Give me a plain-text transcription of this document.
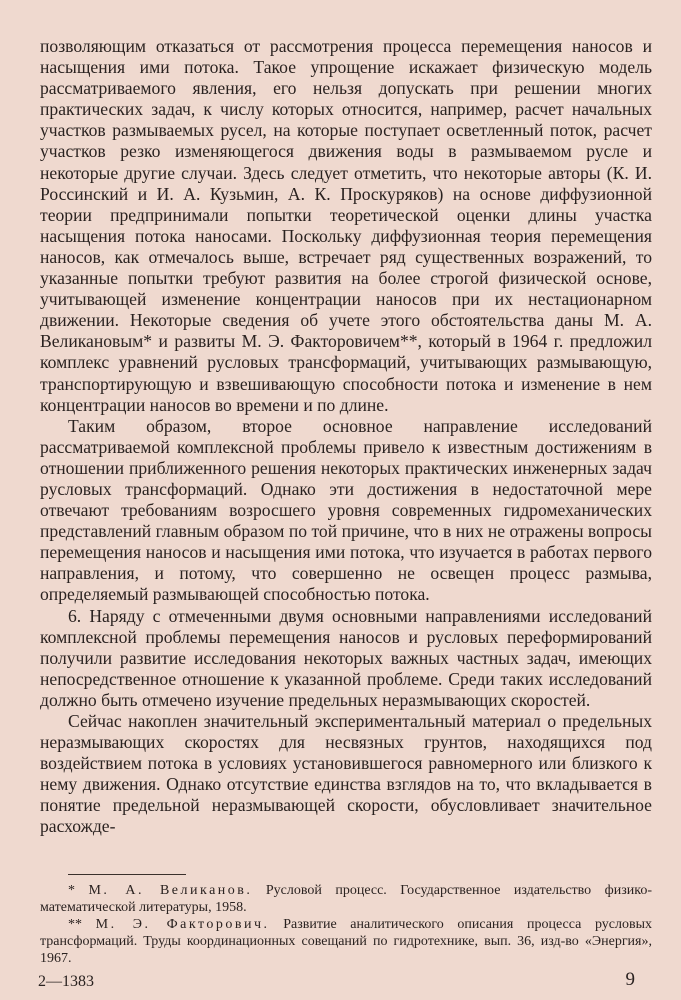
позволяющим отказаться от рассмотрения процесса перемещения наносов и насыщения ими потока. Такое упрощение искажает физическую модель рассматриваемого явления, его нельзя допускать при решении многих практических задач, к числу которых относится, например, расчет начальных участков размываемых русел, на которые поступает осветленный поток, расчет участков резко изменяющегося движения воды в размываемом русле и некоторые другие случаи. Здесь следует отметить, что некоторые авторы (К. И. Россинский и И. А. Кузьмин, А. К. Проскуряков) на основе диффузионной теории предпринимали попытки теоретической оценки длины участка насыщения потока наносами. Поскольку диффузионная теория перемещения наносов, как отмечалось выше, встречает ряд существенных возражений, то указанные попытки требуют развития на более строгой физической основе, учитывающей изменение концентрации наносов при их нестационарном движении. Некоторые сведения об учете этого обстоятельства даны М. А. Великановым* и развиты М. Э. Факторовичем**, который в 1964 г. предложил комплекс уравнений русловых трансформаций, учитывающих размывающую, транспортирующую и взвешивающую способности потока и изменение в нем концентрации наносов во времени и по длине.

Таким образом, второе основное направление исследований рассматриваемой комплексной проблемы привело к известным достижениям в отношении приближенного решения некоторых практических инженерных задач русловых трансформаций. Однако эти достижения в недостаточной мере отвечают требованиям возросшего уровня современных гидромеханических представлений главным образом по той причине, что в них не отражены вопросы перемещения наносов и насыщения ими потока, что изучается в работах первого направления, и потому, что совершенно не освещен процесс размыва, определяемый размывающей способностью потока.

6. Наряду с отмеченными двумя основными направлениями исследований комплексной проблемы перемещения наносов и русловых переформирований получили развитие исследования некоторых важных частных задач, имеющих непосредственное отношение к указанной проблеме. Среди таких исследований должно быть отмечено изучение предельных неразмывающих скоростей.

Сейчас накоплен значительный экспериментальный материал о предельных неразмывающих скоростях для несвязных грунтов, находящихся под воздействием потока в условиях установившегося равномерного или близкого к нему движения. Однако отсутствие единства взглядов на то, что вкладывается в понятие предельной неразмывающей скорости, обусловливает значительное расхожде-

* М. А. Великанов. Русловой процесс. Государственное издательство физико-математической литературы, 1958.

** М. Э. Факторович. Развитие аналитического описания процесса русловых трансформаций. Труды координационных совещаний по гидротехнике, вып. 36, изд-во «Энергия», 1967.

2—1383	9
